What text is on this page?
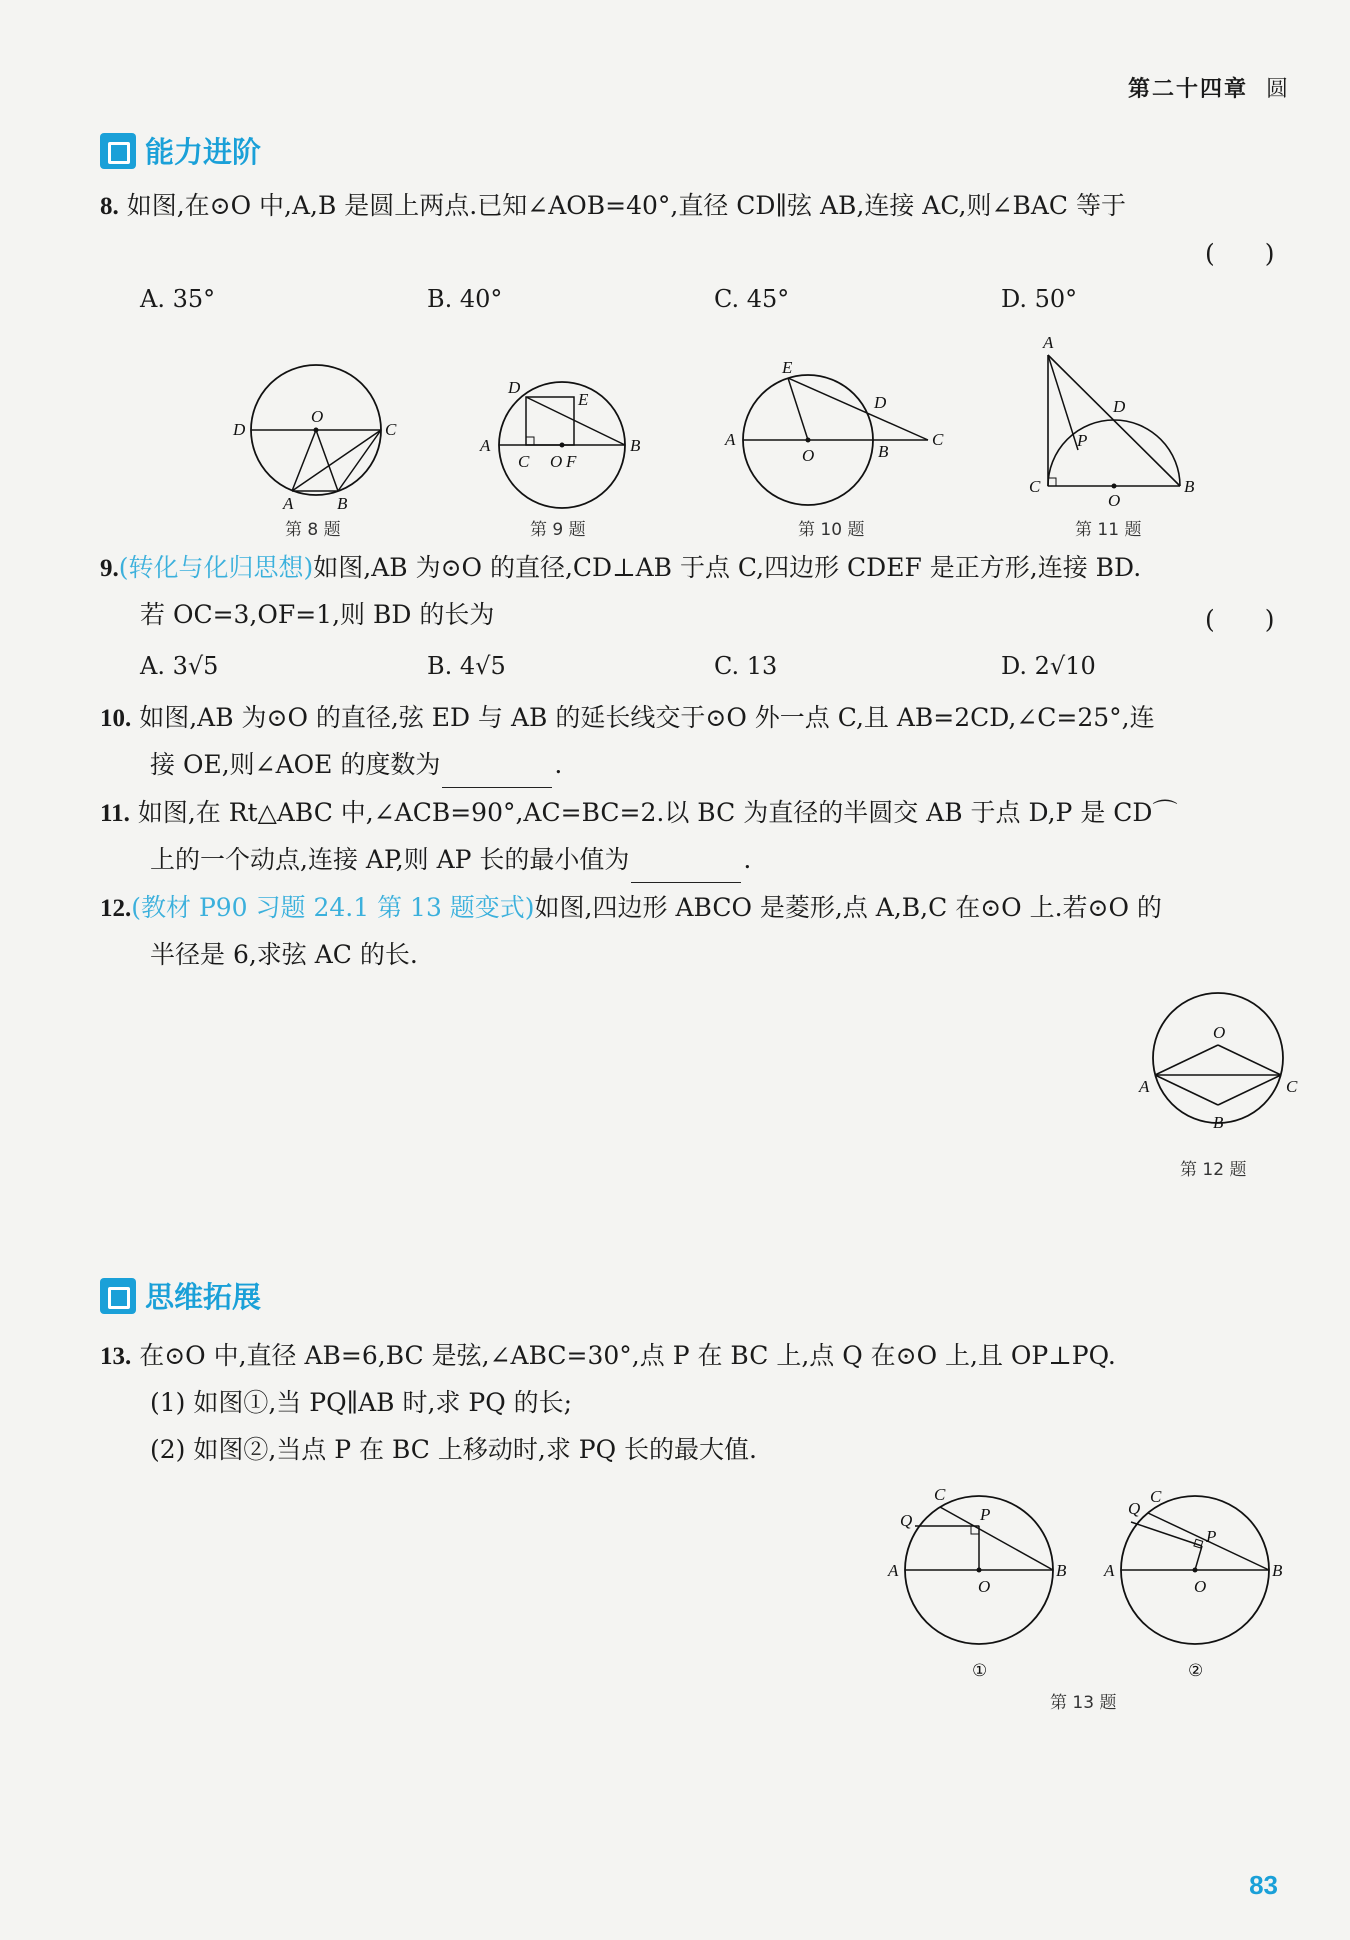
第二十四章 圆
能力进阶
8. 如图,在⊙O 中,A,B 是圆上两点.已知∠AOB=40°,直径 CD∥弦 AB,连接 AC,则∠BAC 等于
(　　)
A. 35°	B. 40°	C. 45°	D. 50°
O
D	C
A	B
第 8 题
D
E
A
C O F
B
第 9 题
E
D
A
O	B
C
第 10 题
A
D
P
C
O
B
第 11 题
9.(转化与化归思想)如图,AB 为⊙O 的直径,CD⊥AB 于点 C,四边形 CDEF 是正方形,连接 BD.
若 OC=3,OF=1,则 BD 的长为	(　　)
A. 3√5	B. 4√5	C. 13	D. 2√10
10. 如图,AB 为⊙O 的直径,弦 ED 与 AB 的延长线交于⊙O 外一点 C,且 AB=2CD,∠C=25°,连
接 OE,则∠AOE 的度数为	.
11. 如图,在 Rt△ABC 中,∠ACB=90°,AC=BC=2.以 BC 为直径的半圆交 AB 于点 D,P 是 CD⌒
上的一个动点,连接 AP,则 AP 长的最小值为	.
12.(教材 P90 习题 24.1 第 13 题变式)如图,四边形 ABCO 是菱形,点 A,B,C 在⊙O 上.若⊙O 的
半径是 6,求弦 AC 的长.
O
A	C
B
第 12 题
思维拓展
13. 在⊙O 中,直径 AB=6,BC 是弦,∠ABC=30°,点 P 在 BC 上,点 Q 在⊙O 上,且 OP⊥PQ.
(1) 如图①,当 PQ∥AB 时,求 PQ 的长;
(2) 如图②,当点 P 在 BC 上移动时,求 PQ 长的最大值.
C
Q	P
A
O
B
①
C
Q
P
A
O
B
②
第 13 题
83
